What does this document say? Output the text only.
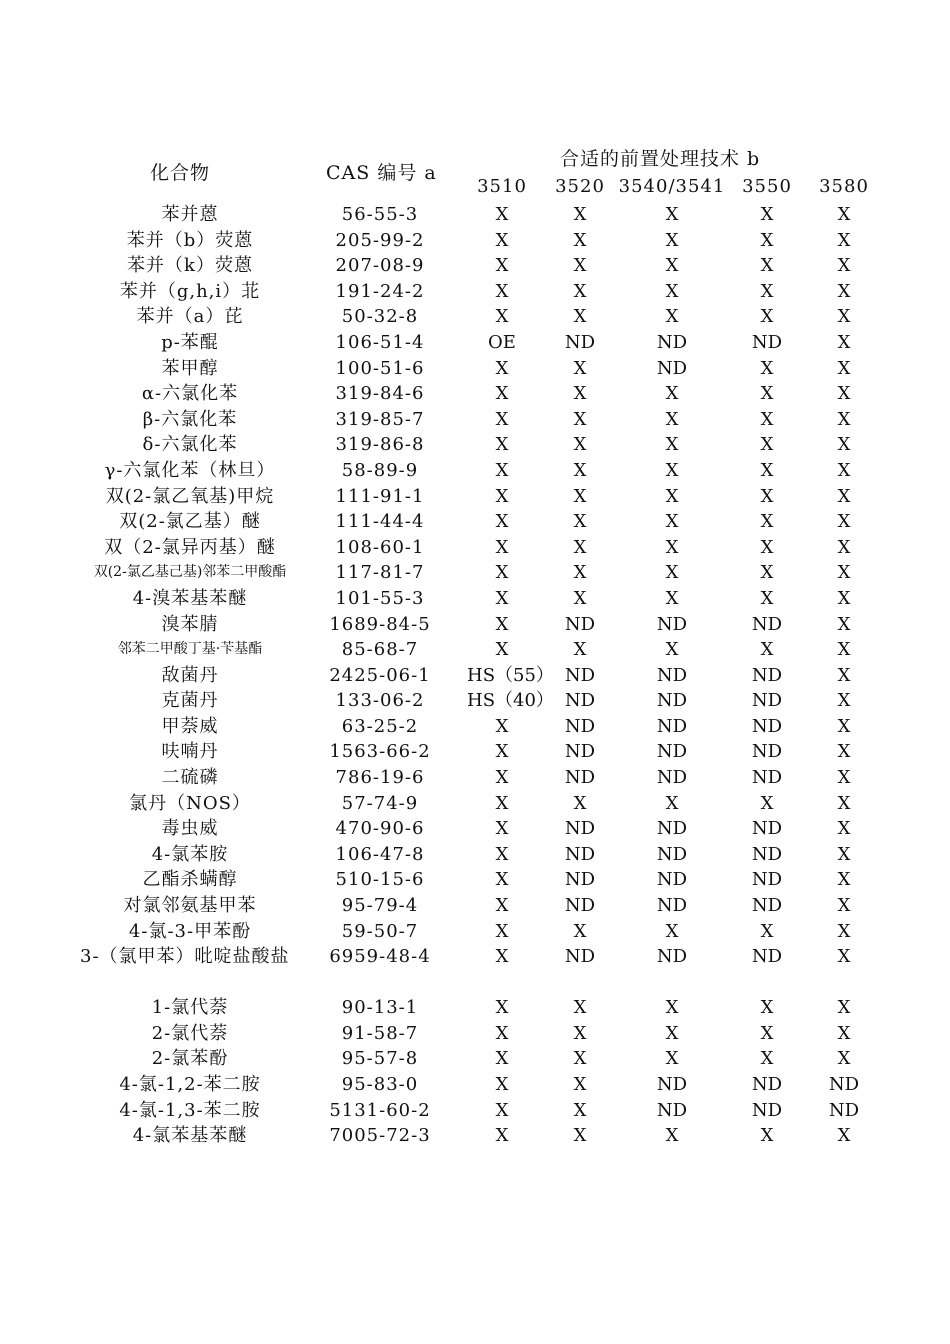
化合物	CAS 编号 a
合适的前置处理技术 b
3510 3520 3540/3541 3550 3580
苯并蒽	56-55-3	X	X	X	X	X
苯并（b）荧蒽	205-99-2	X	X	X	X	X
苯并（k）荧蒽	207-08-9	X	X	X	X	X
苯并（g,h,i）苝	191-24-2	X	X	X	X	X
苯并（a）芘	50-32-8	X	X	X	X	X
p-苯醌	106-51-4	OE	ND	ND	ND	X
苯甲醇	100-51-6	X	X	ND	X	X
α-六氯化苯	319-84-6	X	X	X	X	X
β-六氯化苯	319-85-7	X	X	X	X	X
δ-六氯化苯	319-86-8	X	X	X	X	X
γ-六氯化苯（林旦）	58-89-9	X	X	X	X	X
双(2-氯乙氧基)甲烷	111-91-1	X	X	X	X	X
双(2-氯乙基）醚	111-44-4	X	X	X	X	X
双（2-氯异丙基）醚	108-60-1	X	X	X	X	X
双(2-氯乙基己基)邻苯二甲酸酯	117-81-7	X	X	X	X	X
4-溴苯基苯醚	101-55-3	X	X	X	X	X
溴苯腈	1689-84-5	X	ND	ND	ND	X
邻苯二甲酸丁基·苄基酯	85-68-7	X	X	X	X	X
敌菌丹	2425-06-1	HS（55） ND	ND	ND	X
克菌丹	133-06-2	HS（40） ND	ND	ND	X
甲萘威	63-25-2	X	ND	ND	ND	X
呋喃丹	1563-66-2	X	ND	ND	ND	X
二硫磷	786-19-6	X	ND	ND	ND	X
氯丹（NOS）	57-74-9	X	X	X	X	X
毒虫威	470-90-6	X	ND	ND	ND	X
4-氯苯胺	106-47-8	X	ND	ND	ND	X
乙酯杀螨醇	510-15-6	X	ND	ND	ND	X
对氯邻氨基甲苯	95-79-4	X	ND	ND	ND	X
4-氯-3-甲苯酚	59-50-7	X	X	X	X	X
3-（氯甲苯）吡啶盐酸盐	6959-48-4	X	ND	ND	ND	X
1-氯代萘	90-13-1	X	X	X	X	X
2-氯代萘	91-58-7	X	X	X	X	X
2-氯苯酚	95-57-8	X	X	X	X	X
4-氯-1,2-苯二胺	95-83-0	X	X	ND	ND	ND
4-氯-1,3-苯二胺	5131-60-2	X	X	ND	ND	ND
4-氯苯基苯醚	7005-72-3	X	X	X	X	X
